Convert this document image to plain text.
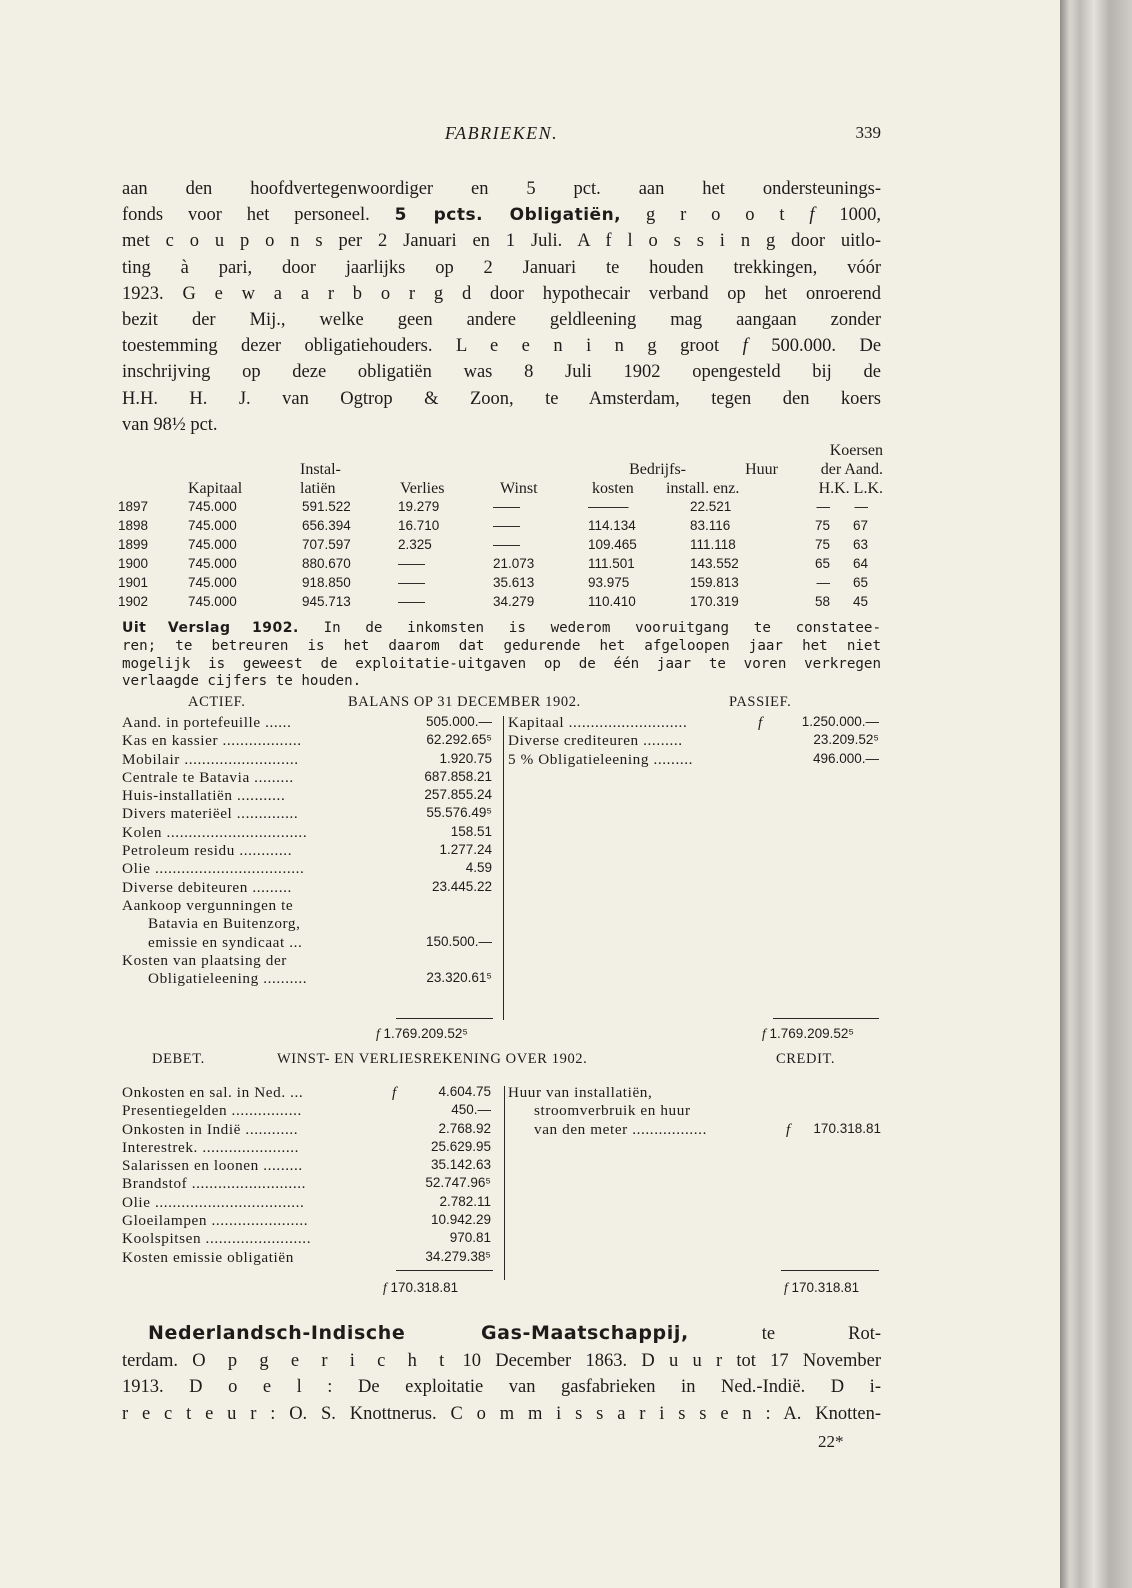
FABRIEKEN.	339
aan den hoofdvertegenwoordiger en 5 pct. aan het ondersteunings-
fonds voor het personeel. 5 pcts. Obligatiën, g r o o t f 1000,
met c o u p o n s per 2 Januari en 1 Juli. A f l o s s i n g door uitlo-
ting à pari, door jaarlijks op 2 Januari te houden trekkingen, vóór
1923. G e w a a r b o r g d door hypothecair verband op het onroerend
bezit der Mij., welke geen andere geldleening mag aangaan zonder
toestemming dezer obligatiehouders. L e e n i n g groot f 500.000. De
inschrijving op deze obligatiën was 8 Juli 1902 opengesteld bij de
H.H. H. J. van Ogtrop & Zoon, te Amsterdam, tegen den koers
van 98½ pct.
Koersen
Instal-	Bedrijfs-	Huur	der Aand.
Kapitaal	latiën	Verlies	Winst	kosten install. enz.	H.K. L.K.
1897	745.000	591.522	19.279	——	———	22.521	— —
1898	745.000	656.394	16.710	——	114.134	83.116	75 67
1899	745.000	707.597	2.325	——	109.465	111.118	75 63
1900	745.000	880.670	——	21.073	111.501	143.552	65 64
1901	745.000	918.850	——	35.613	93.975	159.813	— 65
1902	745.000	945.713	——	34.279	110.410	170.319	58 45
Uit Verslag 1902. In de inkomsten is wederom vooruitgang te constatee-
ren; te betreuren is het daarom dat gedurende het afgeloopen jaar het niet
mogelijk is geweest de exploitatie-uitgaven op de één jaar te voren verkregen
verlaagde cijfers te houden.
ACTIEF.	BALANS OP 31 DECEMBER 1902.	PASSIEF.
Aand. in portefeuille ......	505.000.—
Kas en kassier ..................	62.292.65⁵
Mobilair ..........................	1.920.75
Centrale te Batavia .........	687.858.21
Huis-installatiën ...........	257.855.24
Divers materiëel ..............	55.576.49⁵
Kolen ................................	158.51
Petroleum residu ............	1.277.24
Olie ..................................	4.59
Diverse debiteuren .........	23.445.22
Aankoop vergunningen te
Batavia en Buitenzorg,
emissie en syndicaat ...	150.500.—
Kosten van plaatsing der
Obligatieleening ..........	23.320.61⁵
Kapitaal ...........................	f	1.250.000.—
Diverse crediteuren .........	23.209.52⁵
5 % Obligatieleening .........	496.000.—
f 1.769.209.52⁵	f 1.769.209.52⁵
DEBET.	WINST- EN VERLIESREKENING OVER 1902.	CREDIT.
Onkosten en sal. in Ned. ...	f	4.604.75
Presentiegelden ................	450.—
Onkosten in Indië ............	2.768.92
Interestrek. ......................	25.629.95
Salarissen en loonen .........	35.142.63
Brandstof ..........................	52.747.96⁵
Olie ..................................	2.782.11
Gloeilampen ......................	10.942.29
Koolspitsen ........................	970.81
Kosten emissie obligatiën	34.279.38⁵
Huur van installatiën,
stroomverbruik en huur
van den meter .................	f 170.318.81
f 170.318.81	f 170.318.81
Nederlandsch-Indische Gas-Maatschappij,	te Rot-
terdam. O p g e r i c h t 10 December 1863. D u u r tot 17 November
1913. D o e l : De exploitatie van gasfabrieken in Ned.-Indië. D i-
r e c t e u r : O. S. Knottnerus. C o m m i s s a r i s s e n : A. Knotten-
22*
